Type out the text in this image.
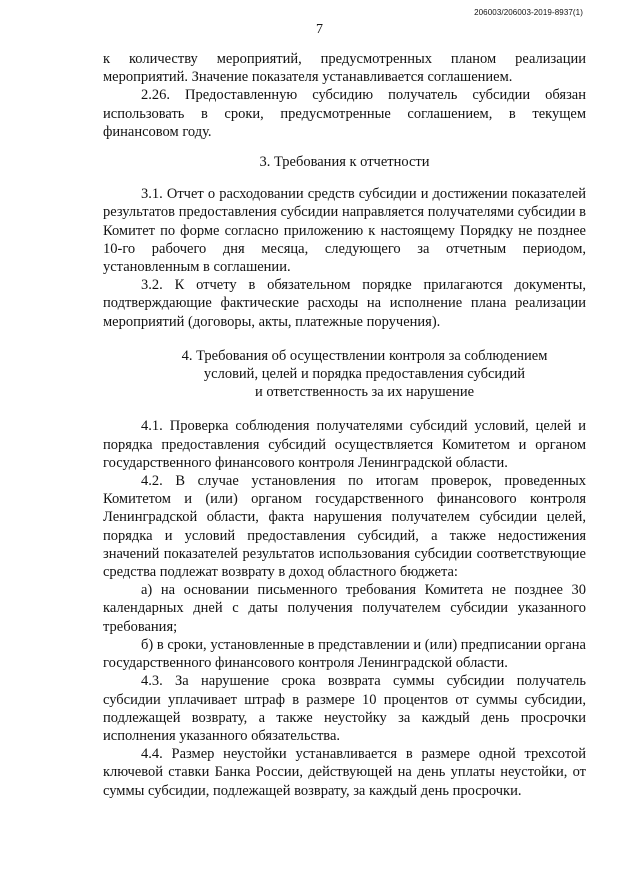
206003/206003-2019-8937(1)
7

к количеству мероприятий, предусмотренных планом реализации мероприятий. Значение показателя устанавливается соглашением.

2.26. Предоставленную субсидию получатель субсидии обязан использовать в сроки, предусмотренные соглашением, в текущем финансовом году.

3. Требования к отчетности

3.1. Отчет о расходовании средств субсидии и достижении показателей результатов предоставления субсидии направляется получателями субсидии в Комитет по форме согласно приложению к настоящему Порядку не позднее 10-го рабочего дня месяца, следующего за отчетным периодом, установленным в соглашении.

3.2. К отчету в обязательном порядке прилагаются документы, подтверждающие фактические расходы на исполнение плана реализации мероприятий (договоры, акты, платежные поручения).

4. Требования об осуществлении контроля за соблюдением
условий, целей и порядка предоставления субсидий
и ответственность за их нарушение

4.1. Проверка соблюдения получателями субсидий условий, целей и порядка предоставления субсидий осуществляется Комитетом и органом государственного финансового контроля Ленинградской области.

4.2. В случае установления по итогам проверок, проведенных Комитетом и (или) органом государственного финансового контроля Ленинградской области, факта нарушения получателем субсидии целей, порядка и условий предоставления субсидий, а также недостижения значений показателей результатов использования субсидии соответствующие средства подлежат возврату в доход областного бюджета:

а) на основании письменного требования Комитета не позднее 30 календарных дней с даты получения получателем субсидии указанного требования;

б) в сроки, установленные в представлении и (или) предписании органа государственного финансового контроля Ленинградской области.

4.3. За нарушение срока возврата суммы субсидии получатель субсидии уплачивает штраф в размере 10 процентов от суммы субсидии, подлежащей возврату, а также неустойку за каждый день просрочки исполнения указанного обязательства.

4.4. Размер неустойки устанавливается в размере одной трехсотой ключевой ставки Банка России, действующей на день уплаты неустойки, от суммы субсидии, подлежащей возврату, за каждый день просрочки.
